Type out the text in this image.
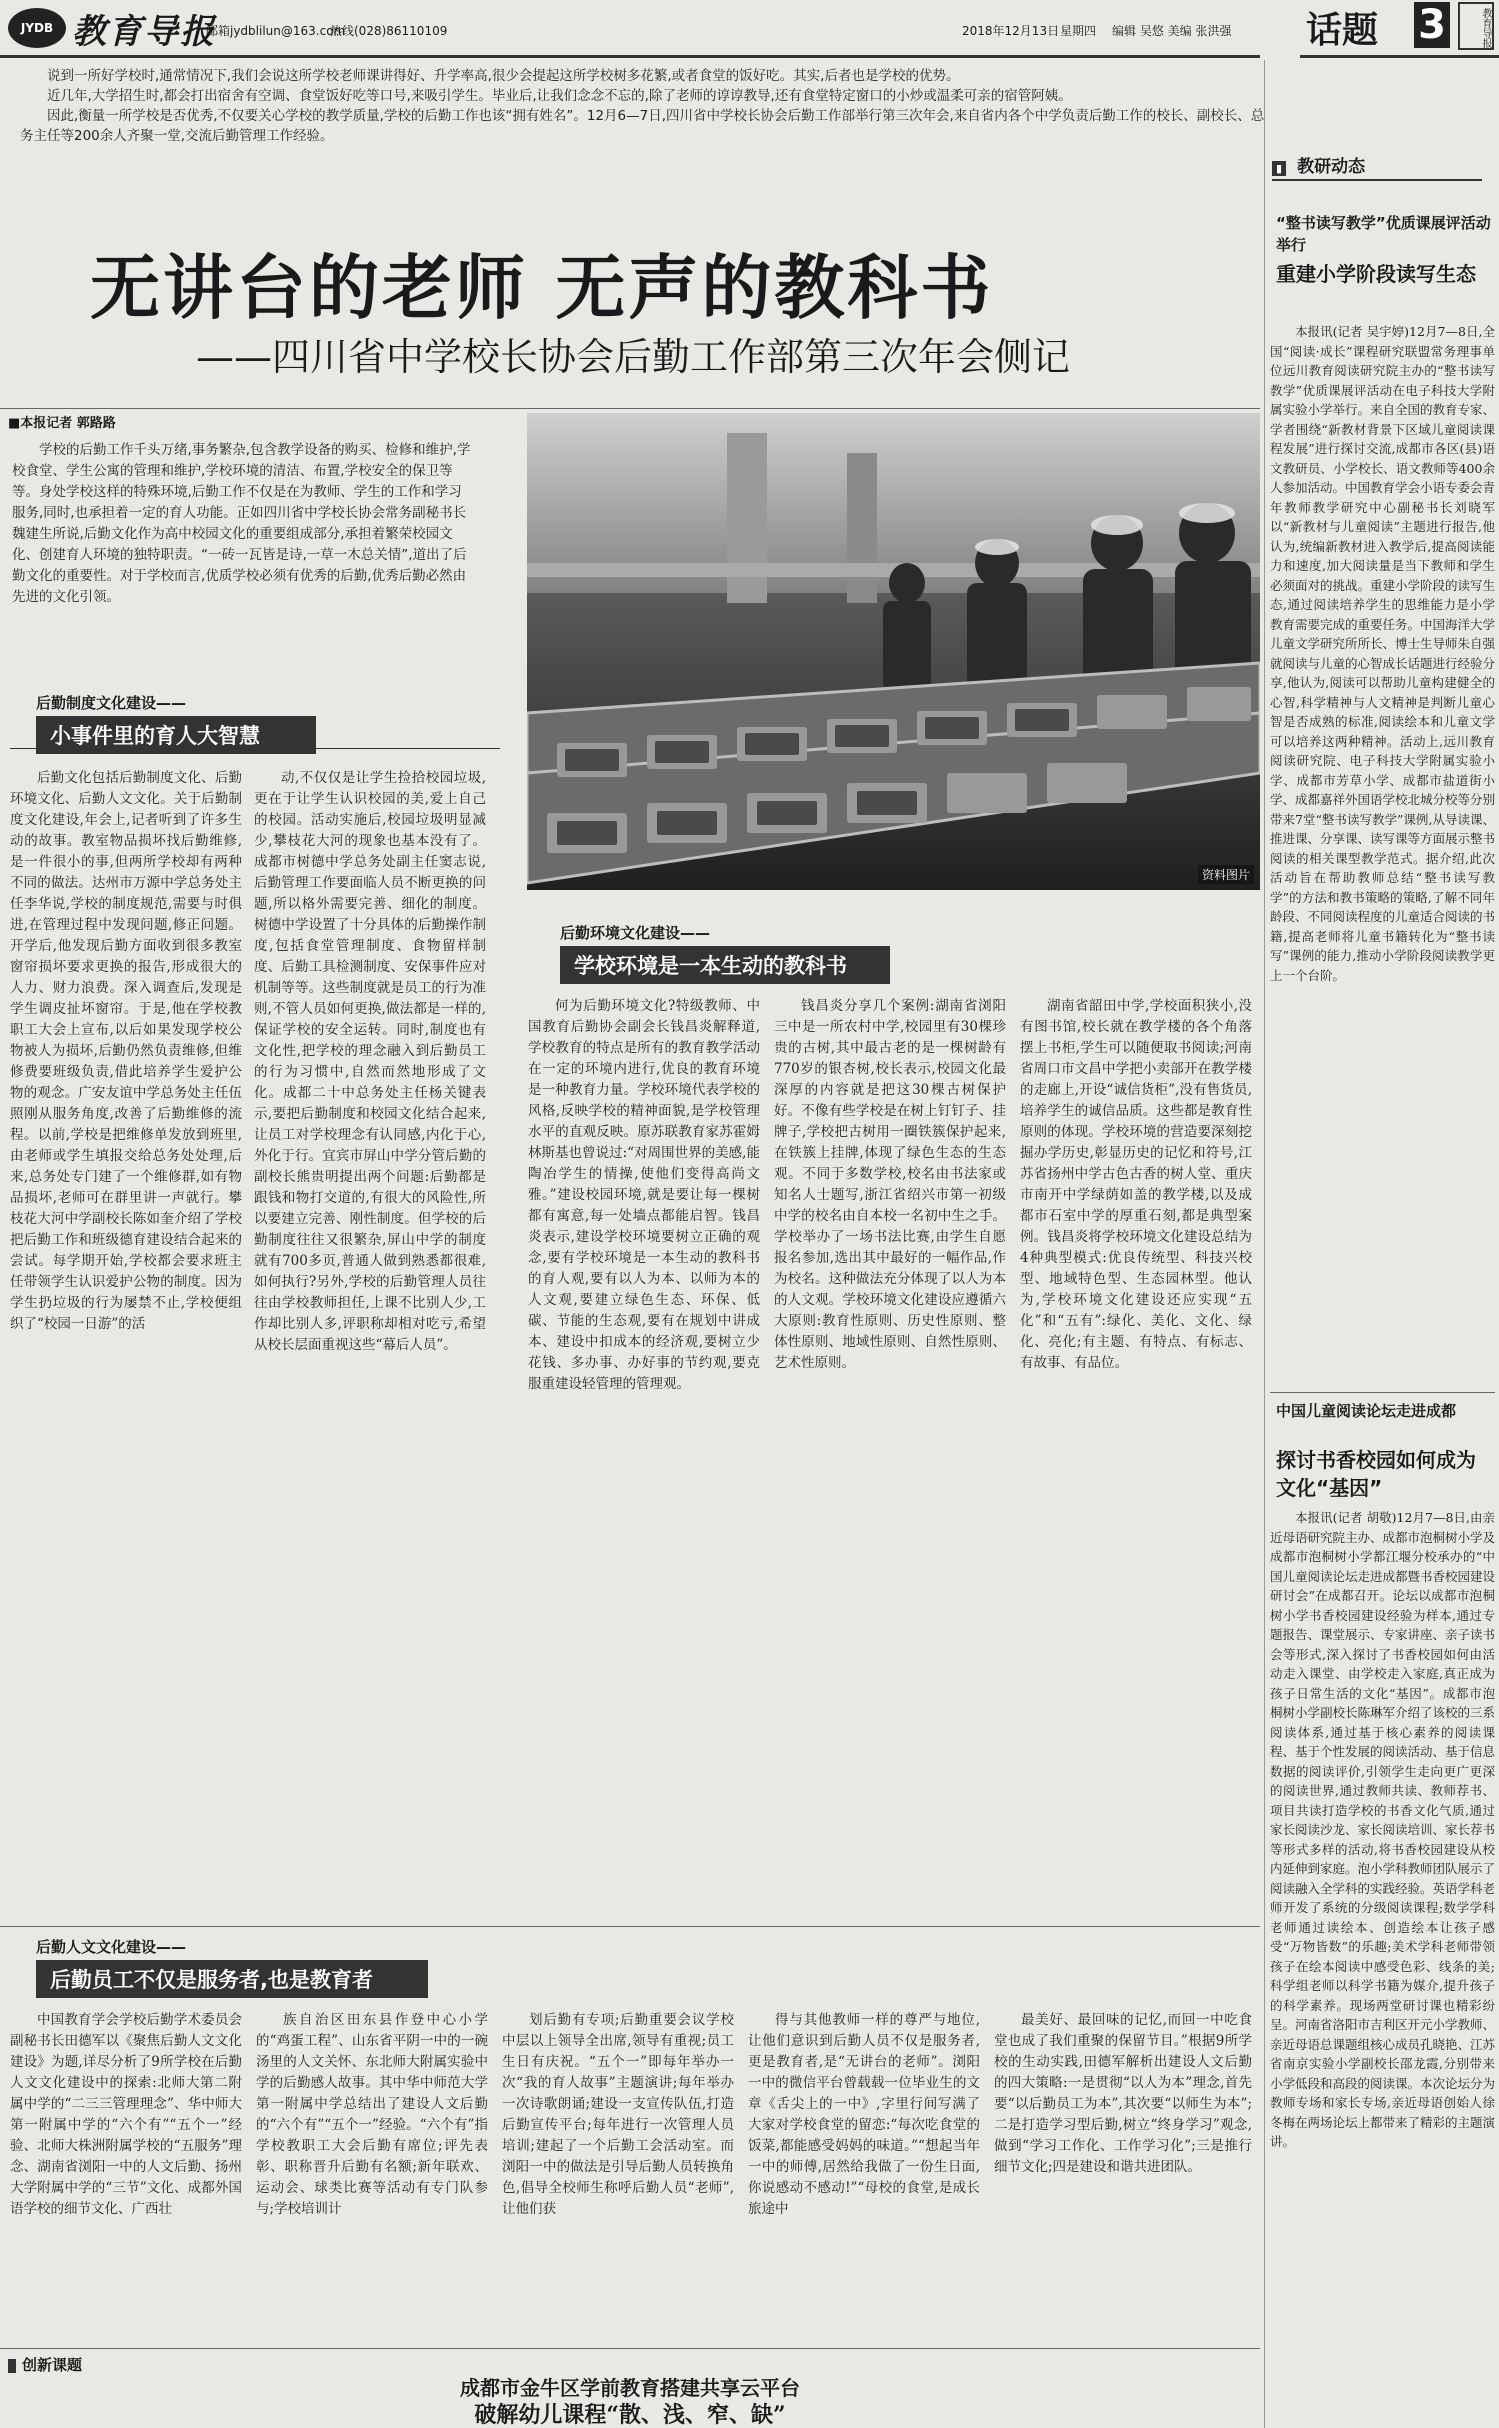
JYDB 教育导报
邮箱jydblilun@163.com
热线(028)86110109	2018年12月13日 星期四 编辑 吴悠 美编 张洪强 话题 3	教育导报

说到一所好学校时,通常情况下,我们会说这所学校老师课讲得好、升学率高,很少会提起这所学校树多花繁,或者食堂的饭好吃。其实,后者也是学校的优势。

近几年,大学招生时,都会打出宿舍有空调、食堂饭好吃等口号,来吸引学生。毕业后,让我们念念不忘的,除了老师的谆谆教导,还有食堂特定窗口的小炒或温柔可亲的宿管阿姨。

因此,衡量一所学校是否优秀,不仅要关心学校的教学质量,学校的后勤工作也该“拥有姓名”。12月6—7日,四川省中学校长协会后勤工作部举行第三次年会,来自省内各个中学负责后勤工作的校长、副校长、总务主任等200余人齐聚一堂,交流后勤管理工作经验。

无讲台的老师 无声的教科书
——四川省中学校长协会后勤工作部第三次年会侧记
■本报记者 郭路路
学校的后勤工作千头万绪,事务繁杂,包含教学设备的购买、检修和维护,学校食堂、学生公寓的管理和维护,学校环境的清洁、布置,学校安全的保卫等等。身处学校这样的特殊环境,后勤工作不仅是在为教师、学生的工作和学习服务,同时,也承担着一定的育人功能。正如四川省中学校长协会常务副秘书长魏建生所说,后勤文化作为高中校园文化的重要组成部分,承担着繁荣校园文化、创建育人环境的独特职责。“一砖一瓦皆是诗,一草一木总关情”,道出了后勤文化的重要性。对于学校而言,优质学校必须有优秀的后勤,优秀后勤必然由先进的文化引领。
资料图片
后勤制度文化建设——
小事件里的育人大智慧
后勤文化包括后勤制度文化、后勤环境文化、后勤人文文化。关于后勤制度文化建设,年会上,记者听到了许多生动的故事。教室物品损坏找后勤维修,是一件很小的事,但两所学校却有两种不同的做法。达州市万源中学总务处主任李华说,学校的制度规范,需要与时俱进,在管理过程中发现问题,修正问题。开学后,他发现后勤方面收到很多教室窗帘损坏要求更换的报告,形成很大的人力、财力浪费。深入调查后,发现是学生调皮扯坏窗帘。于是,他在学校教职工大会上宣布,以后如果发现学校公物被人为损坏,后勤仍然负责维修,但维修费要班级负责,借此培养学生爱护公物的观念。广安友谊中学总务处主任伍照刚从服务角度,改善了后勤维修的流程。以前,学校是把维修单发放到班里,由老师或学生填报交给总务处处理,后来,总务处专门建了一个维修群,如有物品损坏,老师可在群里讲一声就行。攀枝花大河中学副校长陈如奎介绍了学校把后勤工作和班级德育建设结合起来的尝试。每学期开始,学校都会要求班主任带领学生认识爱护公物的制度。因为学生扔垃圾的行为屡禁不止,学校便组织了“校园一日游”的活
动,不仅仅是让学生捡拾校园垃圾,更在于让学生认识校园的美,爱上自己的校园。活动实施后,校园垃圾明显减少,攀枝花大河的现象也基本没有了。成都市树德中学总务处副主任窦志说,后勤管理工作要面临人员不断更换的问题,所以格外需要完善、细化的制度。树德中学设置了十分具体的后勤操作制度,包括食堂管理制度、食物留样制度、后勤工具检测制度、安保事件应对机制等等。这些制度就是员工的行为准则,不管人员如何更换,做法都是一样的,保证学校的安全运转。同时,制度也有文化性,把学校的理念融入到后勤员工的行为习惯中,自然而然地形成了文化。成都二十中总务处主任杨关键表示,要把后勤制度和校园文化结合起来,让员工对学校理念有认同感,内化于心,外化于行。宜宾市屏山中学分管后勤的副校长熊贵明提出两个问题:后勤都是跟钱和物打交道的,有很大的风险性,所以要建立完善、刚性制度。但学校的后勤制度往往又很繁杂,屏山中学的制度就有700多页,普通人做到熟悉都很难,如何执行?另外,学校的后勤管理人员往往由学校教师担任,上课不比别人少,工作却比别人多,评职称却相对吃亏,希望从校长层面重视这些“幕后人员”。
后勤环境文化建设——
学校环境是一本生动的教科书
何为后勤环境文化?特级教师、中国教育后勤协会副会长钱昌炎解释道,学校教育的特点是所有的教育教学活动在一定的环境内进行,优良的教育环境是一种教育力量。学校环境代表学校的风格,反映学校的精神面貌,是学校管理水平的直观反映。原苏联教育家苏霍姆林斯基也曾说过:“对周围世界的美感,能陶冶学生的情操,使他们变得高尚文雅。”建设校园环境,就是要让每一棵树都有寓意,每一处墙点都能启智。钱昌炎表示,建设学校环境要树立正确的观念,要有学校环境是一本生动的教科书的育人观,要有以人为本、以师为本的人文观,要建立绿色生态、环保、低碳、节能的生态观,要有在规划中讲成本、建设中扣成本的经济观,要树立少花钱、多办事、办好事的节约观,要克服重建设轻管理的管理观。
钱昌炎分享几个案例:湖南省浏阳三中是一所农村中学,校园里有30棵珍贵的古树,其中最古老的是一棵树龄有770岁的银杏树,校长表示,校园文化最深厚的内容就是把这30棵古树保护好。不像有些学校是在树上钉钉子、挂牌子,学校把古树用一圈铁簇保护起来,在铁簇上挂牌,体现了绿色生态的生态观。不同于多数学校,校名由书法家或知名人士题写,浙江省绍兴市第一初级中学的校名由自本校一名初中生之手。学校举办了一场书法比赛,由学生自愿报名参加,选出其中最好的一幅作品,作为校名。这种做法充分体现了以人为本的人文观。学校环境文化建设应遵循六大原则:教育性原则、历史性原则、整体性原则、地域性原则、自然性原则、艺术性原则。
湖南省韶田中学,学校面积狭小,没有图书馆,校长就在教学楼的各个角落摆上书柜,学生可以随便取书阅读;河南省周口市文昌中学把小卖部开在教学楼的走廊上,开设“诚信货柜”,没有售货员,培养学生的诚信品质。这些都是教育性原则的体现。学校环境的营造要深刻挖掘办学历史,彰显历史的记忆和符号,江苏省扬州中学古色古香的树人堂、重庆市南开中学绿荫如盖的教学楼,以及成都市石室中学的厚重石刻,都是典型案例。钱昌炎将学校环境文化建设总结为4种典型模式:优良传统型、科技兴校型、地域特色型、生态园林型。他认为,学校环境文化建设还应实现“五化”和“五有”:绿化、美化、文化、绿化、亮化;有主题、有特点、有标志、有故事、有品位。
后勤人文文化建设——
后勤员工不仅是服务者,也是教育者
中国教育学会学校后勤学术委员会副秘书长田德军以《聚焦后勤人文文化建设》为题,详尽分析了9所学校在后勤人文文化建设中的探索:北师大第二附属中学的“二三三管理理念”、华中师大第一附属中学的“六个有”“五个一”经验、北师大株洲附属学校的“五服务”理念、湖南省浏阳一中的人文后勤、扬州大学附属中学的“三节”文化、成都外国语学校的细节文化、广西壮
族自治区田东县作登中心小学的“鸡蛋工程”、山东省平阴一中的一碗汤里的人文关怀、东北师大附属实验中学的后勤感人故事。其中华中师范大学第一附属中学总结出了建设人文后勤的“六个有”“五个一”经验。“六个有”指学校教职工大会后勤有席位;评先表彰、职称晋升后勤有名额;新年联欢、运动会、球类比赛等活动有专门队参与;学校培训计
划后勤有专项;后勤重要会议学校中层以上领导全出席,领导有重视;员工生日有庆祝。“五个一”即每年举办一次“我的育人故事”主题演讲;每年举办一次诗歌朗诵;建设一支宣传队伍,打造后勤宣传平台;每年进行一次管理人员培训;建起了一个后勤工会活动室。而浏阳一中的做法是引导后勤人员转换角色,倡导全校师生称呼后勤人员“老师”,让他们获
得与其他教师一样的尊严与地位,让他们意识到后勤人员不仅是服务者,更是教育者,是“无讲台的老师”。浏阳一中的微信平台曾载载一位毕业生的文章《舌尖上的一中》,字里行间写满了大家对学校食堂的留恋:“每次吃食堂的饭菜,都能感受妈妈的味道。”“想起当年一中的师傅,居然给我做了一份生日面,你说感动不感动!”“母校的食堂,是成长旅途中
最美好、最回味的记忆,而回一中吃食堂也成了我们重聚的保留节目。”根据9所学校的生动实践,田德军解析出建设人文后勤的四大策略:一是贯彻“以人为本”理念,首先要“以后勤员工为本”,其次要“以师生为本”;二是打造学习型后勤,树立“终身学习”观念,做到“学习工作化、工作学习化”;三是推行细节文化;四是建设和谐共进团队。
▮ 教研动态
“整书读写教学”优质课展评活动举行
重建小学阶段读写生态
本报讯(记者 吴宇婷)12月7—8日,全国“阅读·成长”课程研究联盟常务理事单位远川教育阅读研究院主办的“整书读写教学”优质课展评活动在电子科技大学附属实验小学举行。来自全国的教育专家、学者围绕“新教材背景下区域儿童阅读课程发展”进行探讨交流,成都市各区(县)语文教研员、小学校长、语文教师等400余人参加活动。中国教育学会小语专委会青年教师教学研究中心副秘书长刘晓军以“新教材与儿童阅读”主题进行报告,他认为,统编新教材进入教学后,提高阅读能力和速度,加大阅读量是当下教师和学生必须面对的挑战。重建小学阶段的读写生态,通过阅读培养学生的思维能力是小学教育需要完成的重要任务。中国海洋大学儿童文学研究所所长、博士生导师朱自强就阅读与儿童的心智成长话题进行经验分享,他认为,阅读可以帮助儿童构建健全的心智,科学精神与人文精神是判断儿童心智是否成熟的标准,阅读绘本和儿童文学可以培养这两种精神。活动上,远川教育阅读研究院、电子科技大学附属实验小学、成都市芳草小学、成都市盐道街小学、成都嘉祥外国语学校北城分校等分别带来7堂“整书读写教学”课例,从导读课、推进课、分享课、读写课等方面展示整书阅读的相关课型教学范式。据介绍,此次活动旨在帮助教师总结“整书读写教学”的方法和教书策略的策略,了解不同年龄段、不同阅读程度的儿童适合阅读的书籍,提高老师将儿童书籍转化为“整书读写”课例的能力,推动小学阶段阅读教学更上一个台阶。
中国儿童阅读论坛走进成都
探讨书香校园如何成为文化“基因”
本报讯(记者 胡敬)12月7—8日,由亲近母语研究院主办、成都市泡桐树小学及成都市泡桐树小学都江堰分校承办的“中国儿童阅读论坛走进成都暨书香校园建设研讨会”在成都召开。论坛以成都市泡桐树小学书香校园建设经验为样本,通过专题报告、课堂展示、专家讲座、亲子读书会等形式,深入探讨了书香校园如何由活动走入课堂、由学校走入家庭,真正成为孩子日常生活的文化“基因”。成都市泡桐树小学副校长陈琳军介绍了该校的三系阅读体系,通过基于核心素养的阅读课程、基于个性发展的阅读活动、基于信息数据的阅读评价,引领学生走向更广更深的阅读世界,通过教师共读、教师荐书、项目共读打造学校的书香文化气质,通过家长阅读沙龙、家长阅读培训、家长荐书等形式多样的活动,将书香校园建设从校内延伸到家庭。泡小学科教师团队展示了阅读融入全学科的实践经验。英语学科老师开发了系统的分级阅读课程;数学学科老师通过读绘本、创造绘本让孩子感受“万物皆数”的乐趣;美术学科老师带领孩子在绘本阅读中感受色彩、线条的美;科学组老师以科学书籍为媒介,提升孩子的科学素养。现场两堂研讨课也精彩纷呈。河南省洛阳市吉利区开元小学教师、亲近母语总课题组核心成员孔晓艳、江苏省南京实验小学副校长邵龙霞,分别带来小学低段和高段的阅读课。本次论坛分为教师专场和家长专场,亲近母语创始人徐冬梅在两场论坛上都带来了精彩的主题演讲。
创新课题
成都市金牛区学前教育搭建共享云平台
破解幼儿课程“散、浅、窄、缺”
